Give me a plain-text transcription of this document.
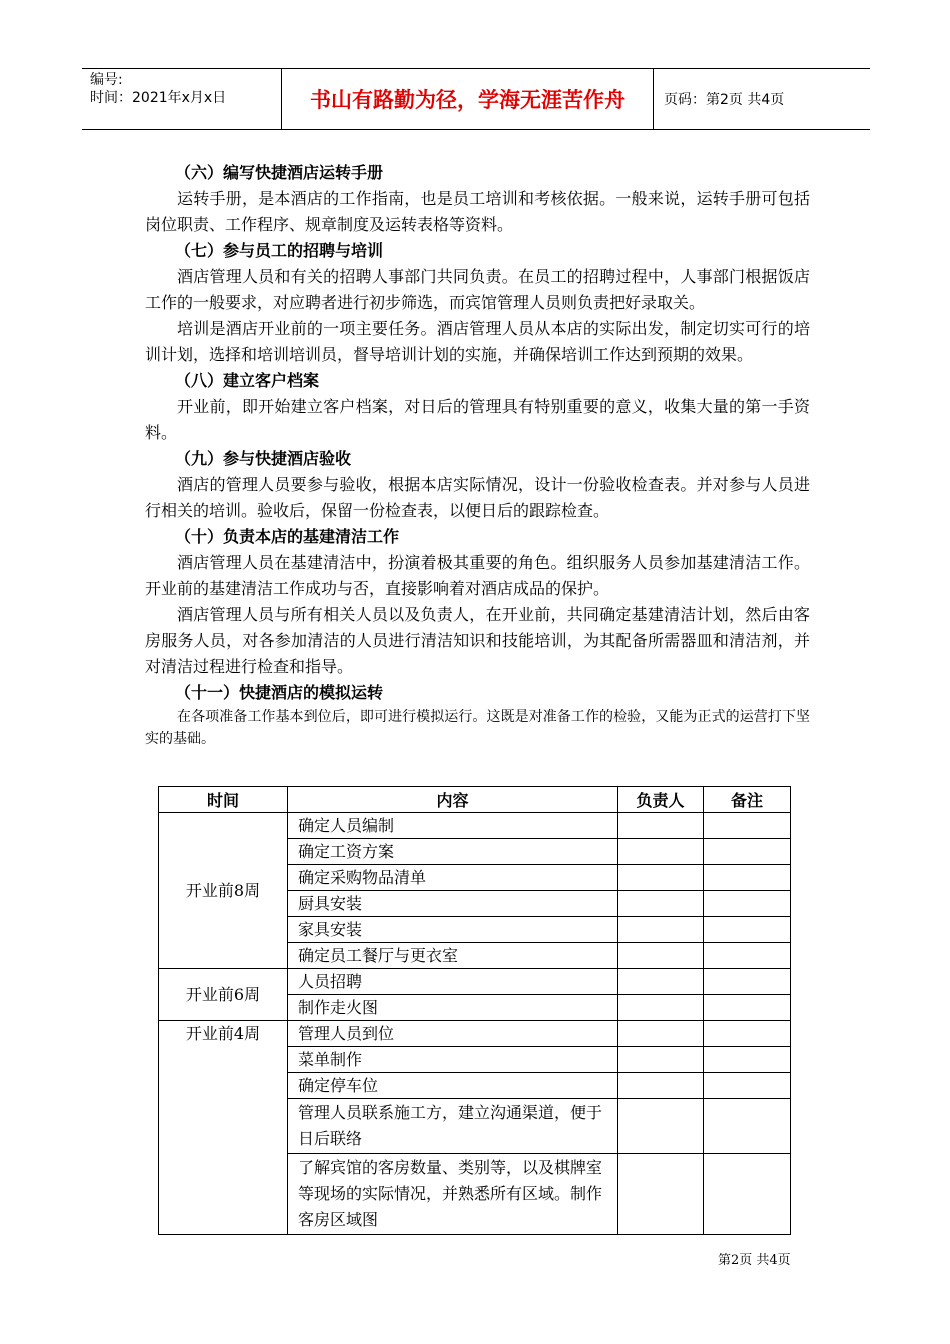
编号:
时间：2021年x月x日	书山有路勤为径，学海无涯苦作舟	页码：第2页 共4页
（六）编写快捷酒店运转手册

运转手册，是本酒店的工作指南，也是员工培训和考核依据。一般来说，运转手册可包括岗位职责、工作程序、规章制度及运转表格等资料。

（七）参与员工的招聘与培训

酒店管理人员和有关的招聘人事部门共同负责。在员工的招聘过程中，人事部门根据饭店工作的一般要求，对应聘者进行初步筛选，而宾馆管理人员则负责把好录取关。

培训是酒店开业前的一项主要任务。酒店管理人员从本店的实际出发，制定切实可行的培训计划，选择和培训培训员，督导培训计划的实施，并确保培训工作达到预期的效果。

（八）建立客户档案

开业前，即开始建立客户档案，对日后的管理具有特别重要的意义，收集大量的第一手资料。

（九）参与快捷酒店验收

酒店的管理人员要参与验收，根据本店实际情况，设计一份验收检查表。并对参与人员进行相关的培训。验收后，保留一份检查表，以便日后的跟踪检查。

（十）负责本店的基建清洁工作

酒店管理人员在基建清洁中，扮演着极其重要的角色。组织服务人员参加基建清洁工作。开业前的基建清洁工作成功与否，直接影响着对酒店成品的保护。

酒店管理人员与所有相关人员以及负责人，在开业前，共同确定基建清洁计划，然后由客房服务人员，对各参加清洁的人员进行清洁知识和技能培训，为其配备所需器皿和清洁剂，并对清洁过程进行检查和指导。

（十一）快捷酒店的模拟运转

在各项准备工作基本到位后，即可进行模拟运行。这既是对准备工作的检验，又能为正式的运营打下坚实的基础。

时间	内容	负责人	备注
开业前8周	确定人员编制		
	确定工资方案		
	确定采购物品清单		
	厨具安装		
	家具安装		
	确定员工餐厅与更衣室		
开业前6周	人员招聘		
	制作走火图		
开业前4周	管理人员到位		
	菜单制作		
	确定停车位		
	管理人员联系施工方，建立沟通渠道，便于日后联络		
	了解宾馆的客房数量、类别等，以及棋牌室等现场的实际情况，并熟悉所有区域。制作客房区域图		
第2页 共4页
